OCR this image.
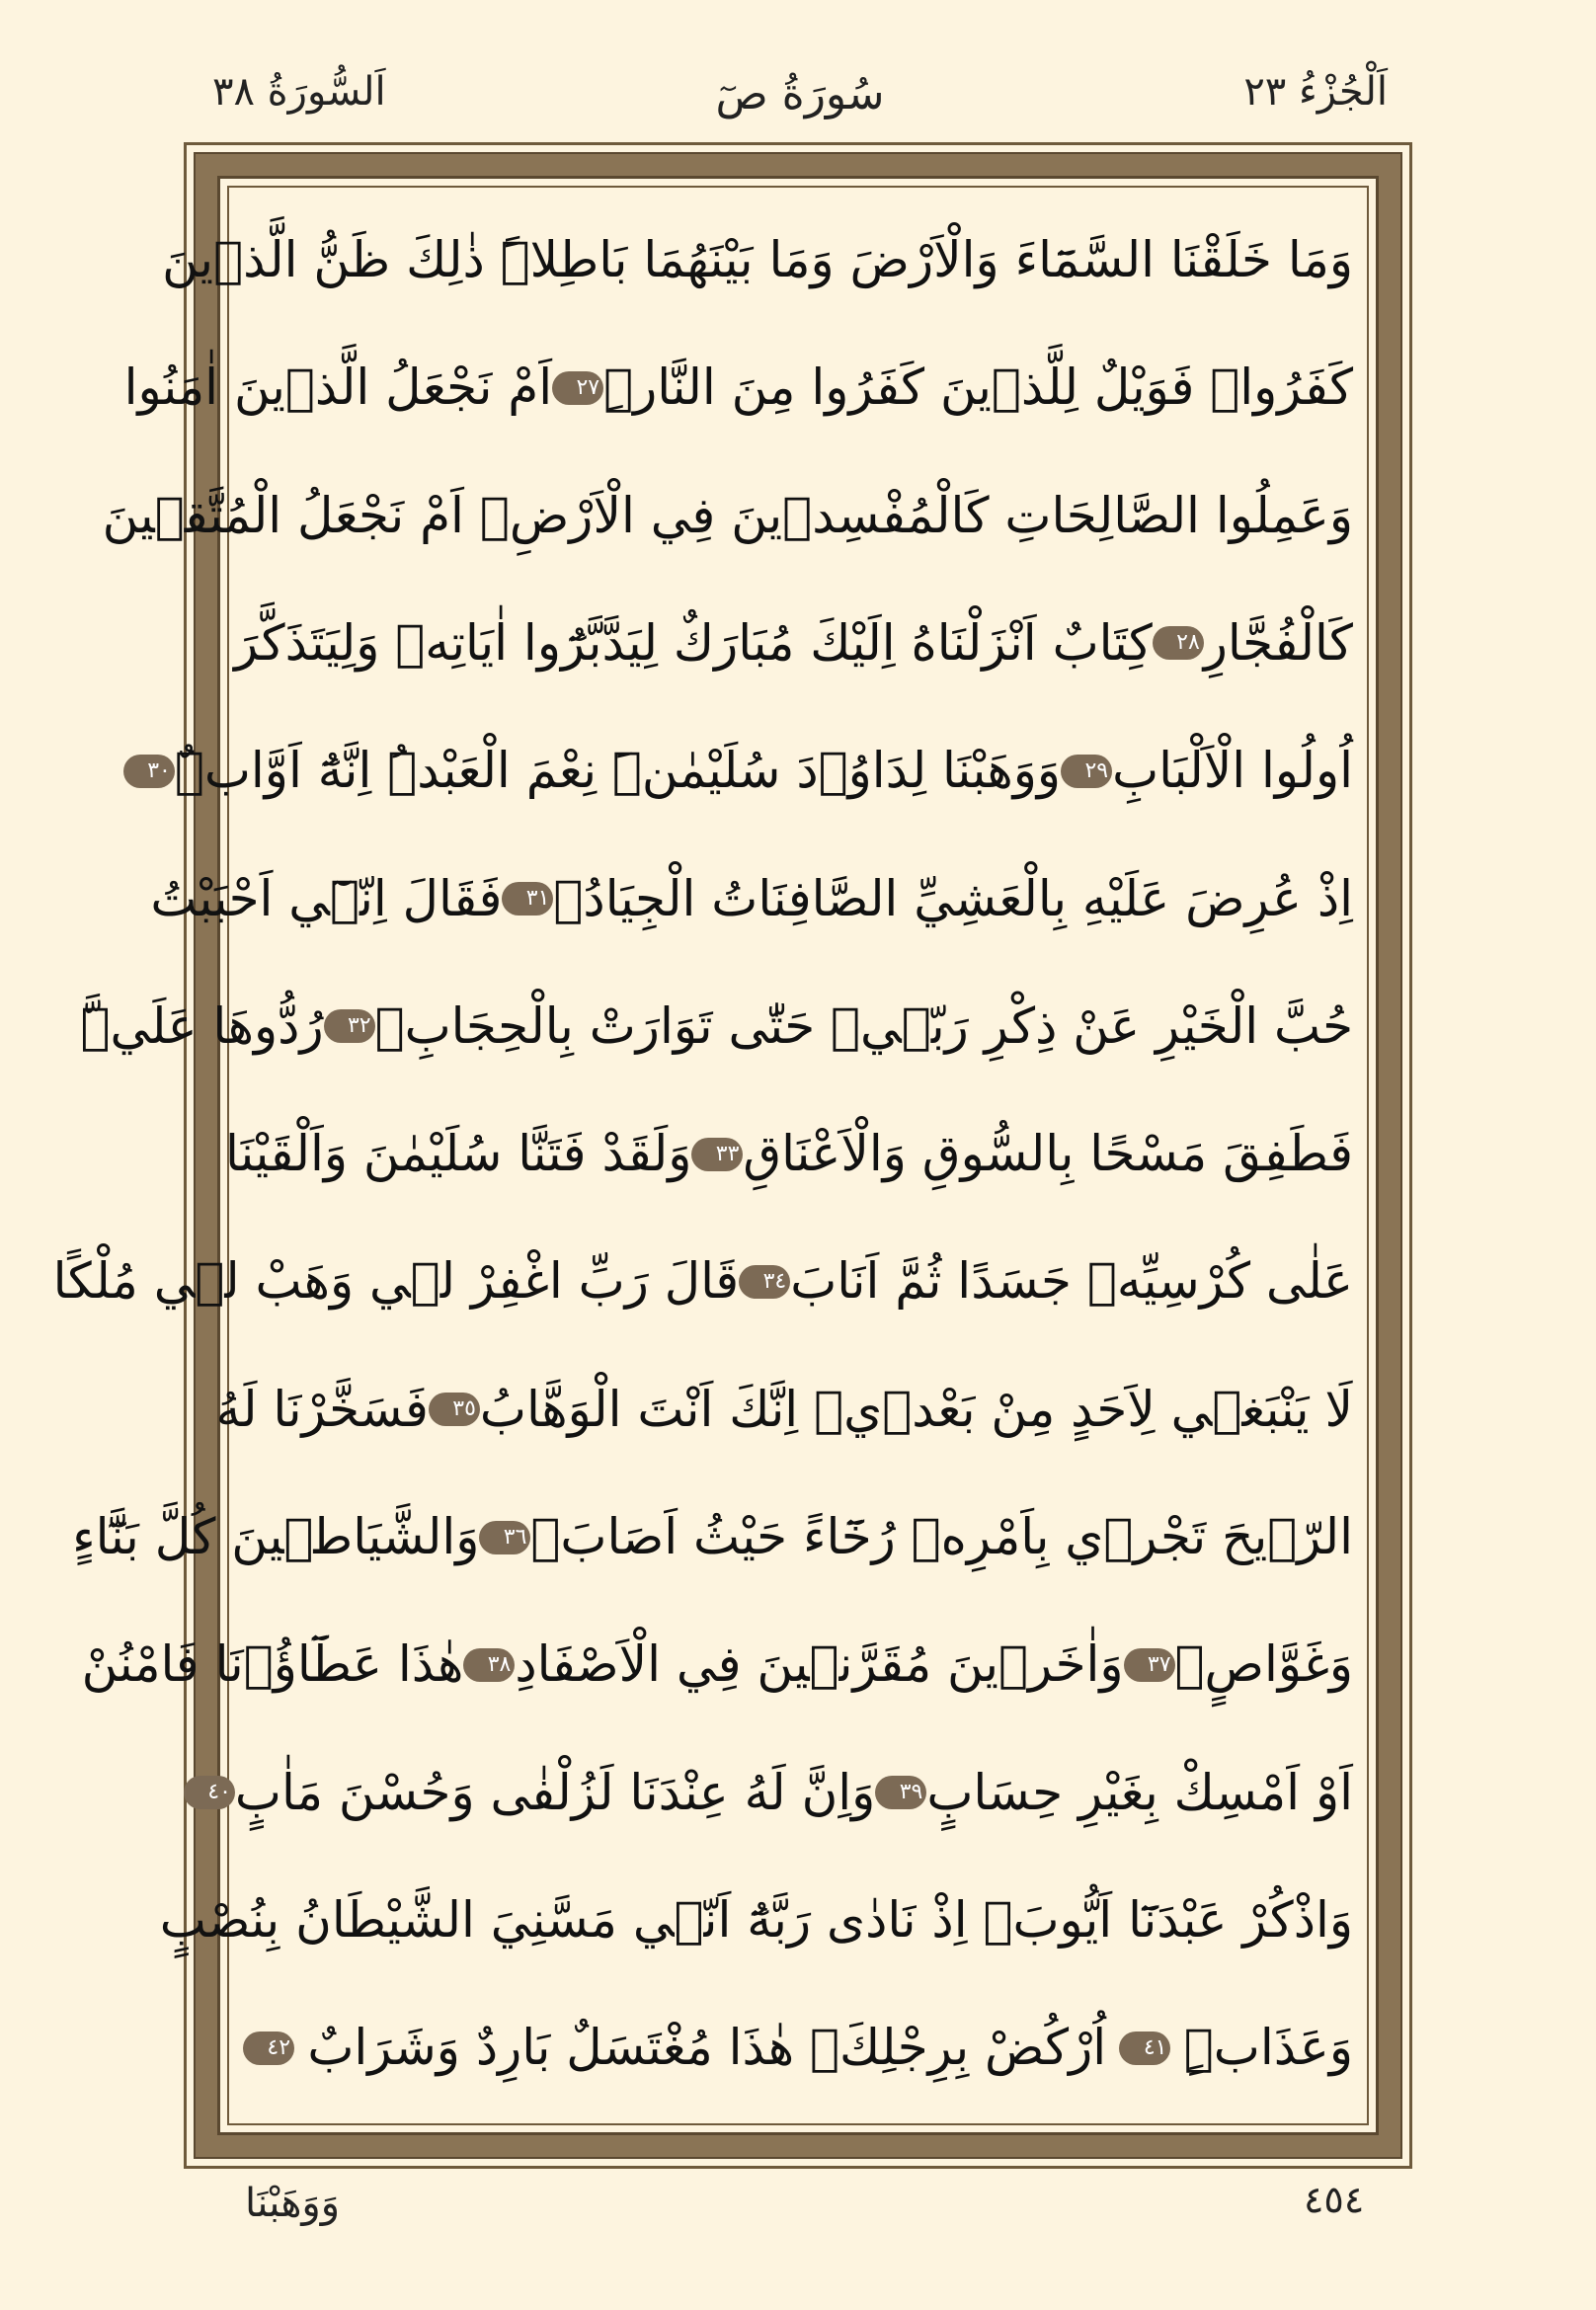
اَلْجُزْءُ ٢٣
سُورَةُ صٓ
اَلسُّورَةُ ٣٨
وَمَا خَلَقْنَا السَّمَٓاءَ وَالْاَرْضَ وَمَا بَيْنَهُمَا بَاطِلاًۜ ذٰلِكَ ظَنُّ الَّذٖينَ
كَفَرُواۚ فَوَيْلٌ لِلَّذٖينَ كَفَرُوا مِنَ النَّارِۜ
٢٧
اَمْ نَجْعَلُ الَّذٖينَ اٰمَنُوا
وَعَمِلُوا الصَّالِحَاتِ كَالْمُفْسِدٖينَ فِي الْاَرْضِۘ اَمْ نَجْعَلُ الْمُتَّقٖينَ
كَالْفُجَّارِ
٢٨
كِتَابٌ اَنْزَلْنَاهُ اِلَيْكَ مُبَارَكٌ لِيَدَّبَّرُٓوا اٰيَاتِهٖ وَلِيَتَذَكَّرَ
اُولُوا الْاَلْبَابِ
٢٩
وَوَهَبْنَا لِدَاوُ۫دَ سُلَيْمٰنَۜ نِعْمَ الْعَبْدُۜ اِنَّهُٓ اَوَّابٌۜ
٣٠
اِذْ عُرِضَ عَلَيْهِ بِالْعَشِيِّ الصَّافِنَاتُ الْجِيَادُۙ
٣١
فَقَالَ اِنّٖٓي اَحْبَبْتُ
حُبَّ الْخَيْرِ عَنْ ذِكْرِ رَبّٖيۚ حَتّٰى تَوَارَتْ بِالْحِجَابِۗ
٣٢
رُدُّوهَا عَلَيَّۜ
فَطَفِقَ مَسْحًا بِالسُّوقِ وَالْاَعْنَاقِ
٣٣
وَلَقَدْ فَتَنَّا سُلَيْمٰنَ وَاَلْقَيْنَا
عَلٰى كُرْسِيِّهٖ جَسَدًا ثُمَّ اَنَابَ
٣٤
قَالَ رَبِّ اغْفِرْ لٖي وَهَبْ لٖي مُلْكًا
لَا يَنْبَغٖي لِاَحَدٍ مِنْ بَعْدٖيۚ اِنَّكَ اَنْتَ الْوَهَّابُ
٣٥
فَسَخَّرْنَا لَهُ
الرّٖيحَ تَجْرٖي بِاَمْرِهٖ رُخَٓاءً حَيْثُ اَصَابَۙ
٣٦
وَالشَّيَاطٖينَ كُلَّ بَنَّٓاءٍ
وَغَوَّاصٍۙ
٣٧
وَاٰخَرٖينَ مُقَرَّنٖينَ فِي الْاَصْفَادِ
٣٨
هٰذَا عَطَٓاؤُ۬نَا فَامْنُنْ
اَوْ اَمْسِكْ بِغَيْرِ حِسَابٍ
٣٩
وَاِنَّ لَهُ عِنْدَنَا لَزُلْفٰى وَحُسْنَ مَاٰبٍ
٤٠
وَاذْكُرْ عَبْدَنَٓا اَيُّوبَۢ اِذْ نَادٰى رَبَّهُٓ اَنّٖي مَسَّنِيَ الشَّيْطَانُ بِنُصْبٍ
وَعَذَابٍۜ
٤١
اُرْكُضْ بِرِجْلِكَۚ هٰذَا مُغْتَسَلٌ بَارِدٌ وَشَرَابٌ
٤٢
٤٥٤
وَوَهَبْنَا
